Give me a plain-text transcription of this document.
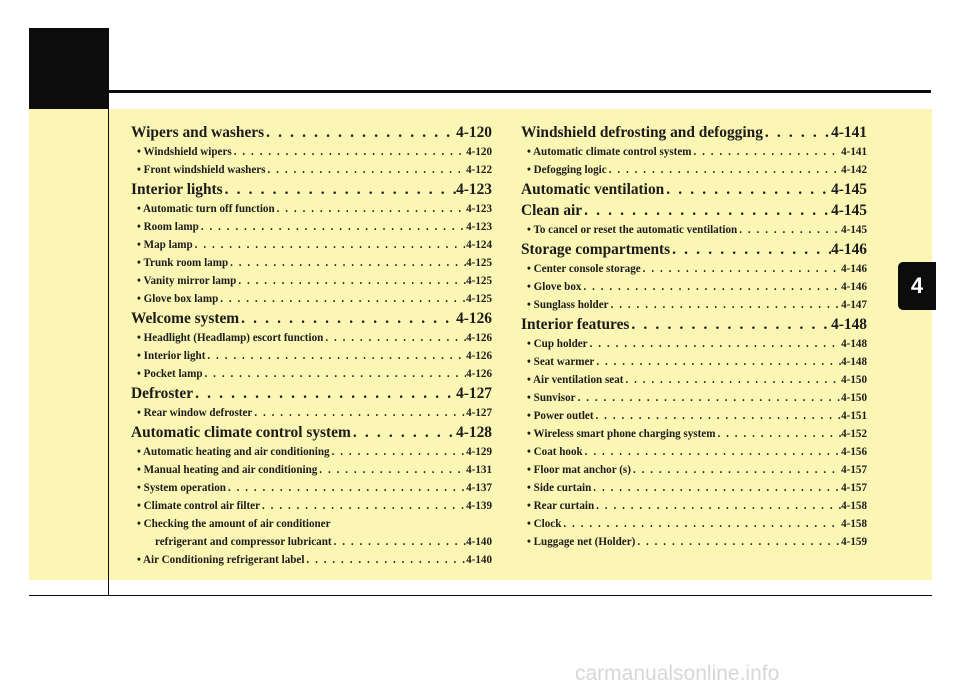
4
Wipers and washers . . .	4-120
• Windshield wipers . . .	4-120
• Front windshield washers . . .	4-122
Interior lights . . .	4-123
• Automatic turn off function . . .	4-123
• Room lamp . . .	4-123
• Map lamp . . .	4-124
• Trunk room lamp . . .	4-125
• Vanity mirror lamp . . .	4-125
• Glove box lamp . . .	4-125
Welcome system . . .	4-126
• Headlight (Headlamp) escort function . . .	4-126
• Interior light . . .	4-126
• Pocket lamp . . .	4-126
Defroster . . .	4-127
• Rear window defroster . . .	4-127
Automatic climate control system . . .	4-128
• Automatic heating and air conditioning . . .	4-129
• Manual heating and air conditioning . . .	4-131
• System operation . . .	4-137
• Climate control air filter . . .	4-139
• Checking the amount of air conditioner
refrigerant and compressor lubricant . . .	4-140
• Air Conditioning refrigerant label . . .	4-140
Windshield defrosting and defogging . . .	4-141
• Automatic climate control system . . .	4-141
• Defogging logic . . .	4-142
Automatic ventilation . . .	4-145
Clean air . . .	4-145
• To cancel or reset the automatic ventilation . . .	4-145
Storage compartments . . .	4-146
• Center console storage . . .	4-146
• Glove box . . .	4-146
• Sunglass holder . . .	4-147
Interior features . . .	4-148
• Cup holder . . .	4-148
• Seat warmer . . .	4-148
• Air ventilation seat . . .	4-150
• Sunvisor . . .	4-150
• Power outlet . . .	4-151
• Wireless smart phone charging system . . .	4-152
• Coat hook . . .	4-156
• Floor mat anchor (s) . . .	4-157
• Side curtain . . .	4-157
• Rear curtain . . .	4-158
• Clock . . .	4-158
• Luggage net (Holder) . . .	4-159
carmanualsonline.info
